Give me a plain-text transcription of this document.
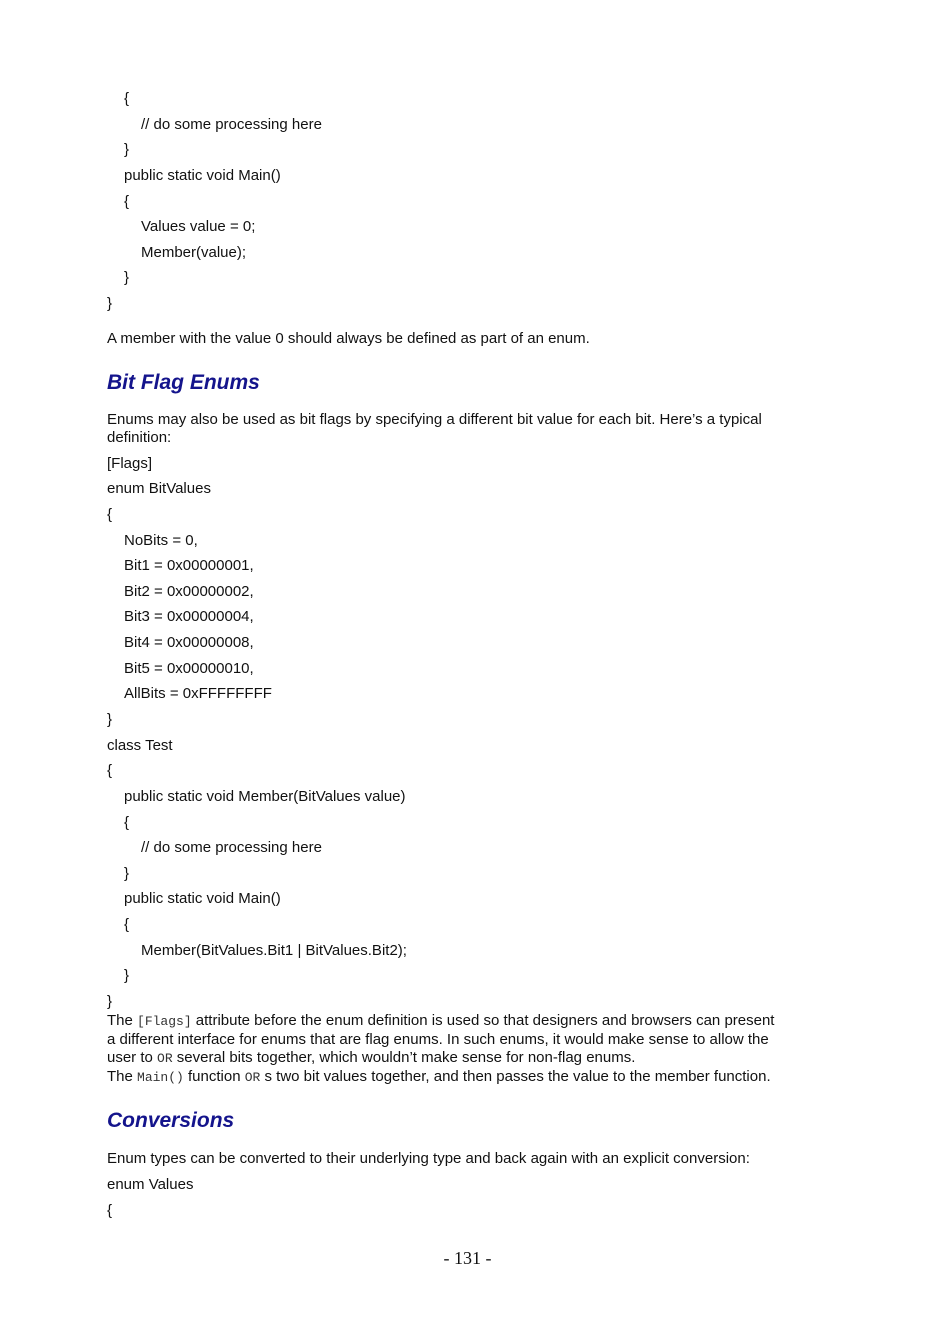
{
// do some processing here
}
public static void Main()
{
Values value = 0;
Member(value);
}
}
A member with the value 0 should always be defined as part of an enum.
Bit Flag Enums
Enums may also be used as bit flags by specifying a different bit value for each bit. Here’s a typical
definition:
[Flags]
enum BitValues
{
NoBits = 0,
Bit1 = 0x00000001,
Bit2 = 0x00000002,
Bit3 = 0x00000004,
Bit4 = 0x00000008,
Bit5 = 0x00000010,
AllBits = 0xFFFFFFFF
}
class Test
{
public static void Member(BitValues value)
{
// do some processing here
}
public static void Main()
{
Member(BitValues.Bit1 | BitValues.Bit2);
}
}
The [Flags] attribute before the enum definition is used so that designers and browsers can present
a different interface for enums that are flag enums. In such enums, it would make sense to allow the
user to OR several bits together, which wouldn’t make sense for non-flag enums.
The Main() function OR s two bit values together, and then passes the value to the member function.
Conversions
Enum types can be converted to their underlying type and back again with an explicit conversion:
enum Values
{
- 131 -
